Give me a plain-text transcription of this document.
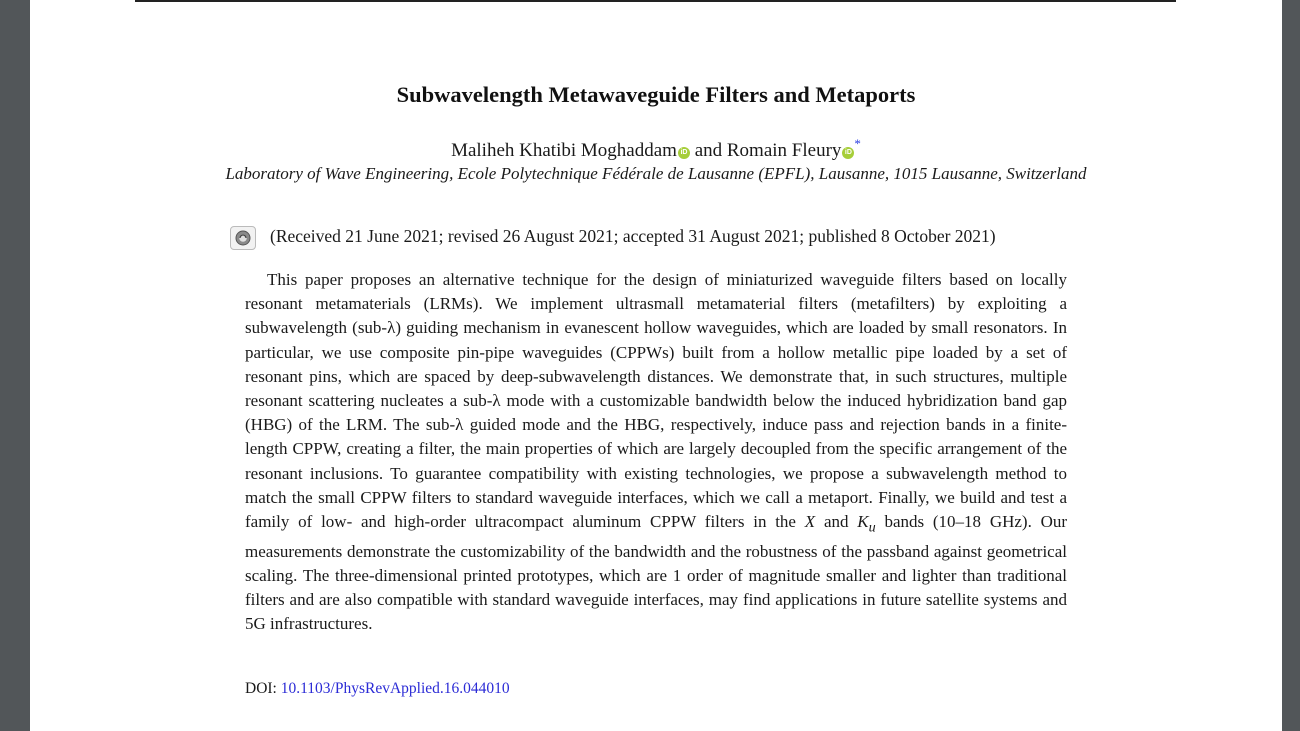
Subwavelength Metawaveguide Filters and Metaports
Maliheh Khatibi Moghaddam iD and Romain Fleury iD*
Laboratory of Wave Engineering, Ecole Polytechnique Fédérale de Lausanne (EPFL), Lausanne, 1015 Lausanne, Switzerland
(Received 21 June 2021; revised 26 August 2021; accepted 31 August 2021; published 8 October 2021)

This paper proposes an alternative technique for the design of miniaturized waveguide filters based on locally resonant metamaterials (LRMs). We implement ultrasmall metamaterial filters (metafilters) by exploiting a subwavelength (sub-λ) guiding mechanism in evanescent hollow waveguides, which are loaded by small resonators. In particular, we use composite pin-pipe waveguides (CPPWs) built from a hollow metallic pipe loaded by a set of resonant pins, which are spaced by deep-subwavelength distances. We demonstrate that, in such structures, multiple resonant scattering nucleates a sub-λ mode with a customizable bandwidth below the induced hybridization band gap (HBG) of the LRM. The sub-λ guided mode and the HBG, respectively, induce pass and rejection bands in a finite-length CPPW, creating a filter, the main properties of which are largely decoupled from the specific arrangement of the resonant inclusions. To guarantee compatibility with existing technologies, we propose a subwavelength method to match the small CPPW filters to standard waveguide interfaces, which we call a metaport. Finally, we build and test a family of low- and high-order ultracompact aluminum CPPW filters in the X and $K_u$ bands (10–18 GHz). Our measurements demonstrate the customizability of the bandwidth and the robustness of the passband against geometrical scaling. The three-dimensional printed prototypes, which are 1 order of magnitude smaller and lighter than traditional filters and are also compatible with standard waveguide interfaces, may find applications in future satellite systems and 5G infrastructures.

DOI: 10.1103/PhysRevApplied.16.044010
